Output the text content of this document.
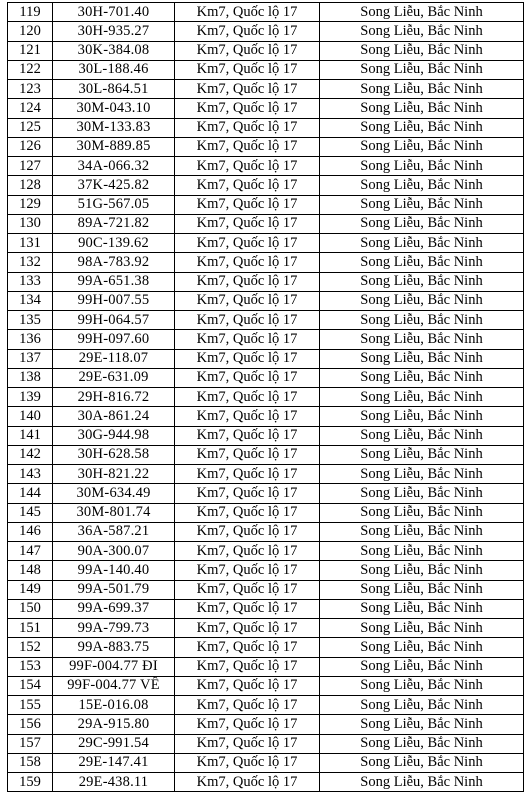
119	30H-701.40	Km7, Quốc lộ 17	Song Liễu, Bắc Ninh
120	30H-935.27	Km7, Quốc lộ 17	Song Liễu, Bắc Ninh
121	30K-384.08	Km7, Quốc lộ 17	Song Liễu, Bắc Ninh
122	30L-188.46	Km7, Quốc lộ 17	Song Liễu, Bắc Ninh
123	30L-864.51	Km7, Quốc lộ 17	Song Liễu, Bắc Ninh
124	30M-043.10	Km7, Quốc lộ 17	Song Liễu, Bắc Ninh
125	30M-133.83	Km7, Quốc lộ 17	Song Liễu, Bắc Ninh
126	30M-889.85	Km7, Quốc lộ 17	Song Liễu, Bắc Ninh
127	34A-066.32	Km7, Quốc lộ 17	Song Liễu, Bắc Ninh
128	37K-425.82	Km7, Quốc lộ 17	Song Liễu, Bắc Ninh
129	51G-567.05	Km7, Quốc lộ 17	Song Liễu, Bắc Ninh
130	89A-721.82	Km7, Quốc lộ 17	Song Liễu, Bắc Ninh
131	90C-139.62	Km7, Quốc lộ 17	Song Liễu, Bắc Ninh
132	98A-783.92	Km7, Quốc lộ 17	Song Liễu, Bắc Ninh
133	99A-651.38	Km7, Quốc lộ 17	Song Liễu, Bắc Ninh
134	99H-007.55	Km7, Quốc lộ 17	Song Liễu, Bắc Ninh
135	99H-064.57	Km7, Quốc lộ 17	Song Liễu, Bắc Ninh
136	99H-097.60	Km7, Quốc lộ 17	Song Liễu, Bắc Ninh
137	29E-118.07	Km7, Quốc lộ 17	Song Liễu, Bắc Ninh
138	29E-631.09	Km7, Quốc lộ 17	Song Liễu, Bắc Ninh
139	29H-816.72	Km7, Quốc lộ 17	Song Liễu, Bắc Ninh
140	30A-861.24	Km7, Quốc lộ 17	Song Liễu, Bắc Ninh
141	30G-944.98	Km7, Quốc lộ 17	Song Liễu, Bắc Ninh
142	30H-628.58	Km7, Quốc lộ 17	Song Liễu, Bắc Ninh
143	30H-821.22	Km7, Quốc lộ 17	Song Liễu, Bắc Ninh
144	30M-634.49	Km7, Quốc lộ 17	Song Liễu, Bắc Ninh
145	30M-801.74	Km7, Quốc lộ 17	Song Liễu, Bắc Ninh
146	36A-587.21	Km7, Quốc lộ 17	Song Liễu, Bắc Ninh
147	90A-300.07	Km7, Quốc lộ 17	Song Liễu, Bắc Ninh
148	99A-140.40	Km7, Quốc lộ 17	Song Liễu, Bắc Ninh
149	99A-501.79	Km7, Quốc lộ 17	Song Liễu, Bắc Ninh
150	99A-699.37	Km7, Quốc lộ 17	Song Liễu, Bắc Ninh
151	99A-799.73	Km7, Quốc lộ 17	Song Liễu, Bắc Ninh
152	99A-883.75	Km7, Quốc lộ 17	Song Liễu, Bắc Ninh
153	99F-004.77 ĐI	Km7, Quốc lộ 17	Song Liễu, Bắc Ninh
154	99F-004.77 VỀ	Km7, Quốc lộ 17	Song Liễu, Bắc Ninh
155	15E-016.08	Km7, Quốc lộ 17	Song Liễu, Bắc Ninh
156	29A-915.80	Km7, Quốc lộ 17	Song Liễu, Bắc Ninh
157	29C-991.54	Km7, Quốc lộ 17	Song Liễu, Bắc Ninh
158	29E-147.41	Km7, Quốc lộ 17	Song Liễu, Bắc Ninh
159	29E-438.11	Km7, Quốc lộ 17	Song Liễu, Bắc Ninh
